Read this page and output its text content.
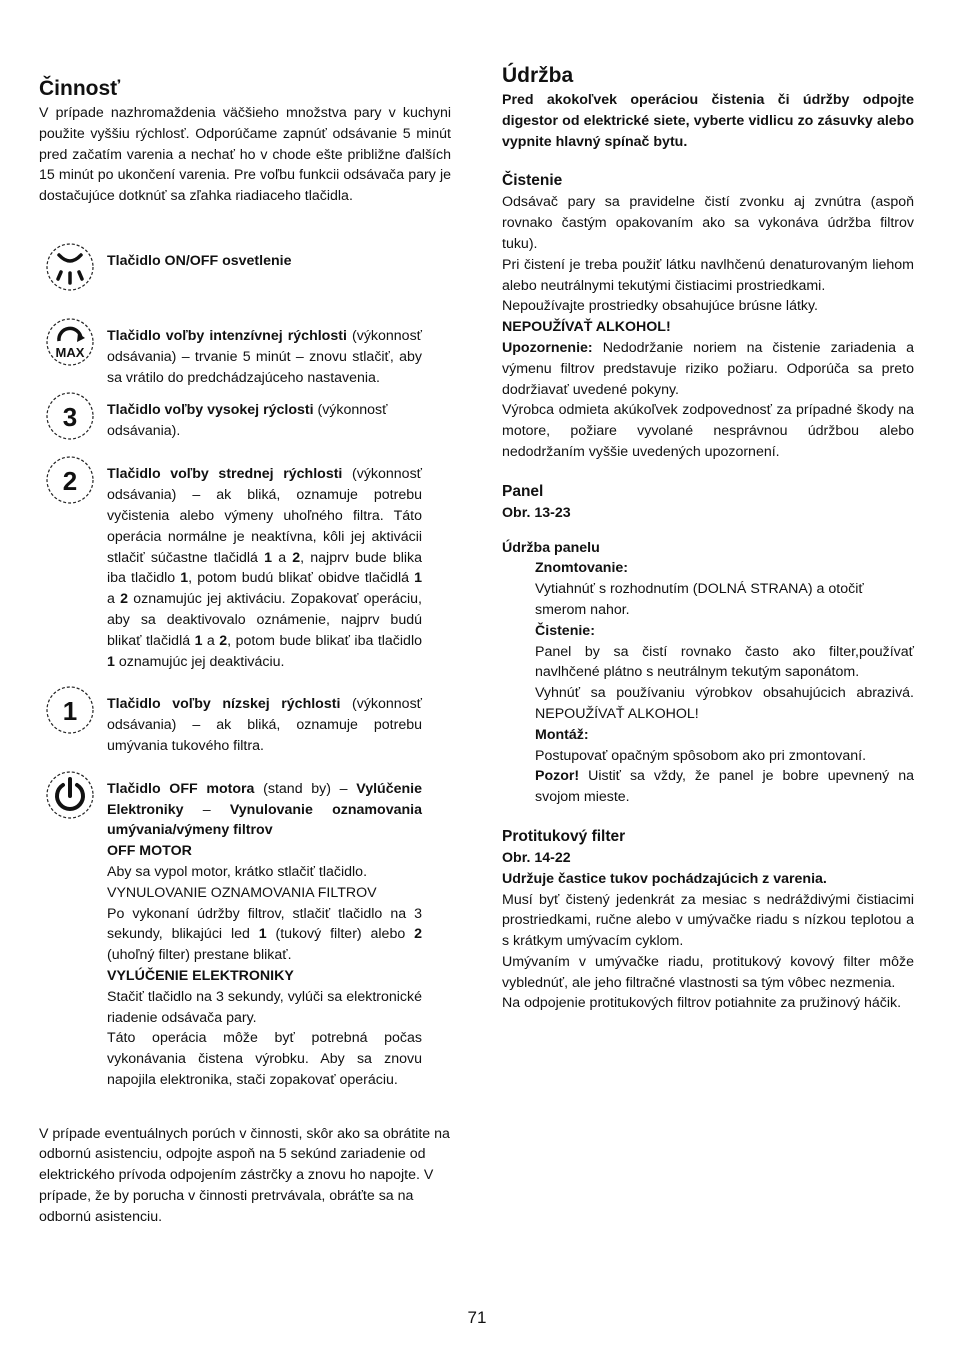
Činnosť

V prípade nazhromaždenia väčšieho množstva pary v kuchyni použite vyššiu rýchlosť. Odporúčame zapnúť odsávanie 5 minút pred začatím varenia a nechať ho v chode ešte približne ďalších 15 minút po ukončení varenia. Pre voľbu funkcii odsávača pary je dostačujúce dotknúť sa zľahka riadiaceho tlačidla.

Tlačidlo ON/OFF osvetlenie

MAX

Tlačidlo voľby intenzívnej rýchlosti (výkonnosť odsávania) – trvanie 5 minút – znovu stlačiť, aby sa vrátilo do predchádzajúceho nastavenia.

3 Tlačidlo voľby vysokej rýclosti (výkonnosť odsávania).

2 Tlačidlo voľby strednej rýchlosti (výkonnosť odsávania) – ak bliká, oznamuje potrebu vyčistenia alebo výmeny uhoľného filtra. Táto operácia normálne je neaktívna, kôli jej aktivácii stlačiť súčastne tlačidlá 1 a 2, najprv bude blika iba tlačidlo 1, potom budú blikať obidve tlačidlá 1 a 2 oznamujúc jej aktiváciu. Zopakovať operáciu, aby sa deaktivovalo oznámenie, najprv budú blikať tlačidlá 1 a 2, potom bude blikať iba tlačidlo 1 oznamujúc jej deaktiváciu.

1 Tlačidlo voľby nízskej rýchlosti (výkonnosť odsávania) – ak bliká, oznamuje potrebu umývania tukového filtra.

Tlačidlo OFF motora (stand by) – Vylúčenie Elektroniky – Vynulovanie oznamovania umývania/výmeny filtrov

OFF MOTOR

Aby sa vypol motor, krátko stlačiť tlačidlo.

VYNULOVANIE OZNAMOVANIA FILTROV

Po vykonaní údržby filtrov, stlačiť tlačidlo na 3 sekundy, blikajúci led 1 (tukový filter) alebo 2 (uhoľný filter) prestane blikať.

VYLÚČENIE ELEKTRONIKY

Stačiť tlačidlo na 3 sekundy, vylúči sa elektronické riadenie odsávača pary.

Táto operácia môže byť potrebná počas vykonávania čistena výrobku. Aby sa znovu napojila elektronika, stači zopakovať operáciu.

V prípade eventuálnych porúch v činnosti, skôr ako sa obrátite na odbornú asistenciu, odpojte aspoň na 5 sekúnd zariadenie od elektrického prívoda odpojením zástrčky a znovu ho napojte. V prípade, že by porucha v činnosti pretrvávala, obráťte sa na odbornú asistenciu.

Údržba

Pred akokoľvek operáciou čistenia či údržby odpojte digestor od elektrické siete, vyberte vidlicu zo zásuvky alebo vypnite hlavný spínač bytu.

Čistenie

Odsávač pary sa pravidelne čistí zvonku aj zvnútra (aspoň rovnako častým opakovaním ako sa vykonáva údržba filtrov tuku).

Pri čistení je treba použiť látku navlhčenú denaturovaným liehom alebo neutrálnymi tekutými čistiacimi prostriedkami.

Nepoužívajte prostriedky obsahujúce brúsne látky.

NEPOUŽÍVAŤ ALKOHOL!

Upozornenie: Nedodržanie noriem na čistenie zariadenia a výmenu filtrov predstavuje riziko požiaru. Odporúča sa preto dodržiavať uvedené pokyny.

Výrobca odmieta akúkoľvek zodpovednosť za prípadné škody na motore, požiare vyvolané nesprávnou údržbou alebo nedodržaním vyššie uvedených upozornení.

Panel

Obr. 13-23

Údržba panelu

Znomtovanie:

Vytiahnúť s rozhodnutím (DOLNÁ STRANA) a otočiť smerom nahor.

Čistenie:

Panel by sa čistí rovnako často ako filter,používať navlhčené plátno s neutrálnym tekutým saponátom.

Vyhnúť sa používaniu výrobkov obsahujúcich abrazivá. NEPOUŽÍVAŤ ALKOHOL!

Montáž:

Postupovať opačným spôsobom ako pri zmontovaní.

Pozor! Uistiť sa vždy, že panel je bobre upevnený na svojom mieste.

Protitukový filter

Obr. 14-22

Udržuje častice tukov pochádzajúcich z varenia.

Musí byť čistený jedenkrát za mesiac s nedráždivými čistiacimi prostriedkami, ručne alebo v umývačke riadu s nízkou teplotou a s krátkym umývacím cyklom.

Umývaním v umývačke riadu, protitukový kovový filter môže vyblednúť, ale jeho filtračné vlastnosti sa tým vôbec nezmenia.

Na odpojenie protitukových filtrov potiahnite za pružinový háčik.

71
